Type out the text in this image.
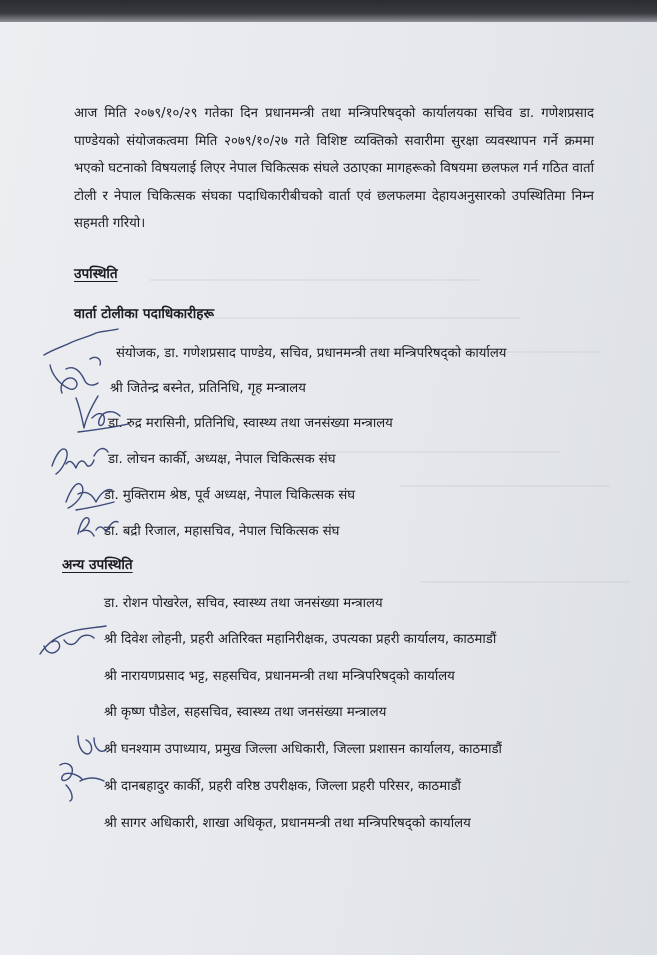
आज मिति २०७९/१०/२९ गतेका दिन प्रधानमन्त्री तथा मन्त्रिपरिषद्को कार्यालयका सचिव डा. गणेशप्रसाद पाण्डेयको संयोजकत्वमा मिति २०७९/१०/२७ गते विशिष्ट व्यक्तिको सवारीमा सुरक्षा व्यवस्थापन गर्ने क्रममा भएको घटनाको विषयलाई लिएर नेपाल चिकित्सक संघले उठाएका मागहरूको विषयमा छलफल गर्न गठित वार्ता टोली र नेपाल चिकित्सक संघका पदाधिकारीबीचको वार्ता एवं छलफलमा देहायअनुसारको उपस्थितिमा निम्न सहमती गरियो।

उपस्थिति

वार्ता टोलीका पदाधिकारीहरू

संयोजक, डा. गणेशप्रसाद पाण्डेय, सचिव, प्रधानमन्त्री तथा मन्त्रिपरिषद्को कार्यालय

श्री जितेन्द्र बस्नेत, प्रतिनिधि, गृह मन्त्रालय

डा. रुद्र मरासिनी, प्रतिनिधि, स्वास्थ्य तथा जनसंख्या मन्त्रालय

डा. लोचन कार्की, अध्यक्ष, नेपाल चिकित्सक संघ

डा. मुक्तिराम श्रेष्ठ, पूर्व अध्यक्ष, नेपाल चिकित्सक संघ

डा. बद्री रिजाल, महासचिव, नेपाल चिकित्सक संघ

अन्य उपस्थिति

डा. रोशन पोखरेल, सचिव, स्वास्थ्य तथा जनसंख्या मन्त्रालय

श्री दिवेश लोहनी, प्रहरी अतिरिक्त महानिरीक्षक, उपत्यका प्रहरी कार्यालय, काठमाडौं

श्री नारायणप्रसाद भट्ट, सहसचिव, प्रधानमन्त्री तथा मन्त्रिपरिषद्को कार्यालय

श्री कृष्ण पौडेल, सहसचिव, स्वास्थ्य तथा जनसंख्या मन्त्रालय

श्री घनश्याम उपाध्याय, प्रमुख जिल्ला अधिकारी, जिल्ला प्रशासन कार्यालय, काठमाडौं

श्री दानबहादुर कार्की, प्रहरी वरिष्ठ उपरीक्षक, जिल्ला प्रहरी परिसर, काठमाडौं

श्री सागर अधिकारी, शाखा अधिकृत, प्रधानमन्त्री तथा मन्त्रिपरिषद्को कार्यालय
